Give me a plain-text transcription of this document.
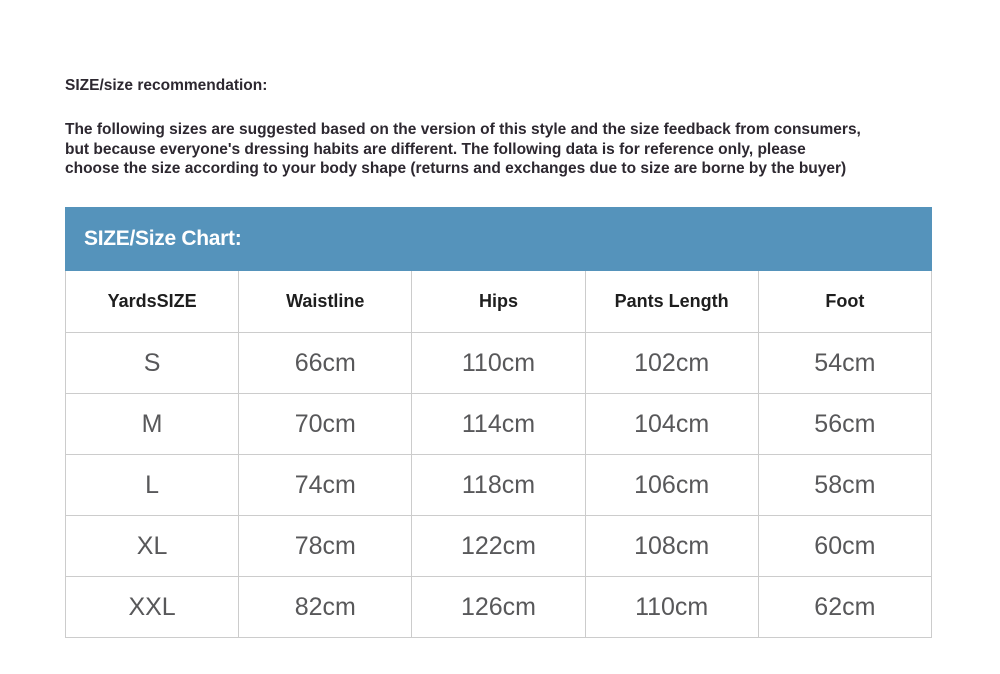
SIZE/size recommendation:
The following sizes are suggested based on the version of this style and the size feedback from consumers,
but because everyone's dressing habits are different. The following data is for reference only, please
choose the size according to your body shape (returns and exchanges due to size are borne by the buyer)
SIZE/Size Chart:
YardsSIZE	Waistline	Hips	Pants Length	Foot
S	66cm	110cm	102cm	54cm
M	70cm	114cm	104cm	56cm
L	74cm	118cm	106cm	58cm
XL	78cm	122cm	108cm	60cm
XXL	82cm	126cm	110cm	62cm
